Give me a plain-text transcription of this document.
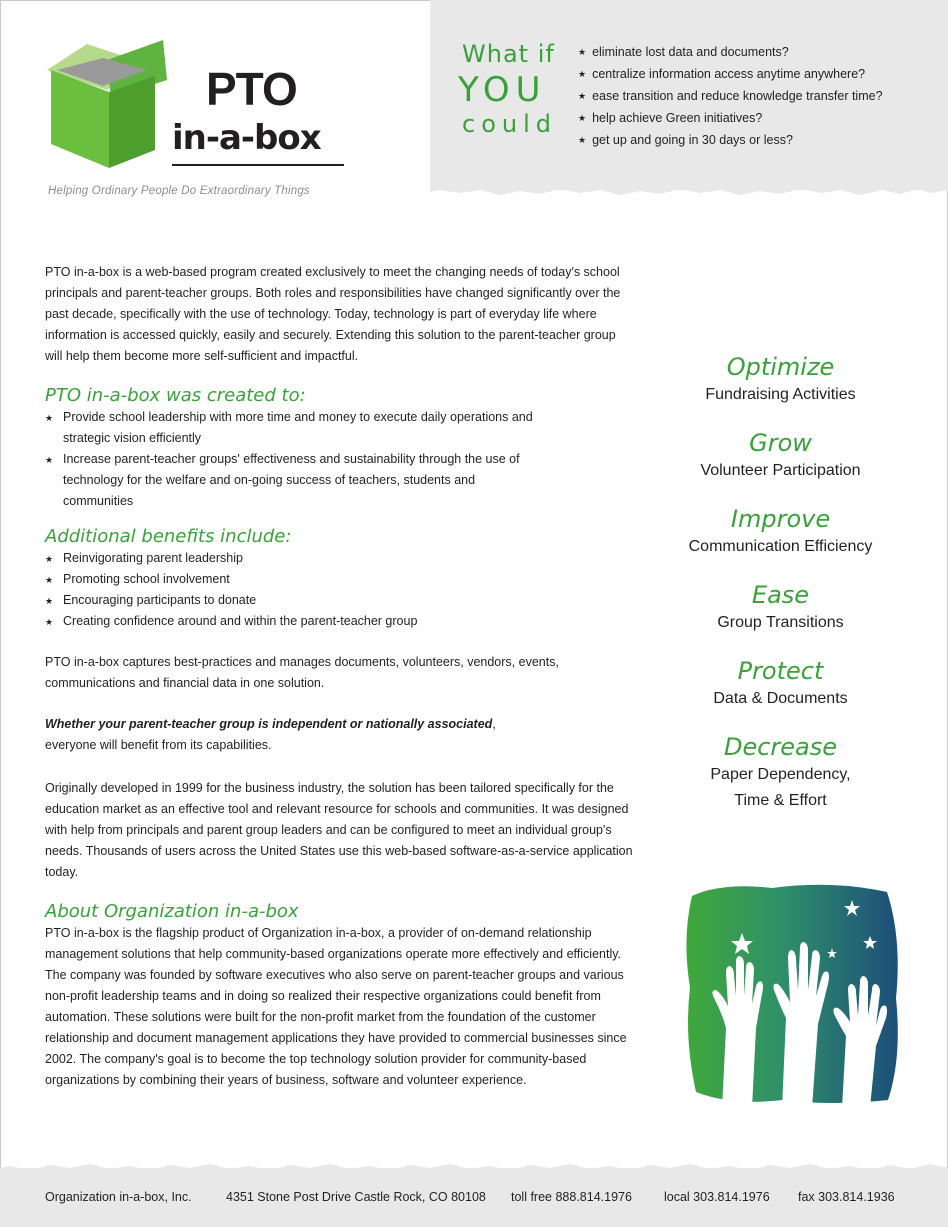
What if
YOU
could
★ eliminate lost data and documents?
★ centralize information access anytime anywhere?
★ ease transition and reduce knowledge transfer time?
★ help achieve Green initiatives?
★ get up and going in 30 days or less?
PTO
in-a-box
Helping Ordinary People Do Extraordinary Things

PTO in-a-box is a web-based program created exclusively to meet the changing needs of today's school principals and parent-teacher groups. Both roles and responsibilities have changed significantly over the past decade, specifically with the use of technology. Today, technology is part of everyday life where information is accessed quickly, easily and securely. Extending this solution to the parent-teacher group will help them become more self-sufficient and impactful.

PTO in-a-box was created to:

★ Provide school leadership with more time and money to execute daily operations and strategic vision efficiently
★ Increase parent-teacher groups' effectiveness and sustainability through the use of technology for the welfare and on-going success of teachers, students and communities

Additional benefits include:

★ Reinvigorating parent leadership
★ Promoting school involvement
★ Encouraging participants to donate
★ Creating confidence around and within the parent-teacher group

PTO in-a-box captures best-practices and manages documents, volunteers, vendors, events, communications and financial data in one solution.

Whether your parent-teacher group is independent or nationally associated, everyone will benefit from its capabilities.

Originally developed in 1999 for the business industry, the solution has been tailored specifically for the education market as an effective tool and relevant resource for schools and communities. It was designed with help from principals and parent group leaders and can be configured to meet an individual group's needs. Thousands of users across the United States use this web-based software-as-a-service application today.

About Organization in-a-box

PTO in-a-box is the flagship product of Organization in-a-box, a provider of on-demand relationship management solutions that help community-based organizations operate more effectively and efficiently. The company was founded by software executives who also serve on parent-teacher groups and various non-profit leadership teams and in doing so realized their respective organizations could benefit from automation. These solutions were built for the non-profit market from the foundation of the customer relationship and document management applications they have provided to commercial businesses since 2002. The company's goal is to become the top technology solution provider for community-based organizations by combining their years of business, software and volunteer experience.

Optimize
Fundraising Activities
Grow
Volunteer Participation
Improve
Communication Efficiency
Ease
Group Transitions
Protect
Data & Documents
Decrease
Paper Dependency,
Time & Effort
Organization in-a-box, Inc.	4351 Stone Post Drive Castle Rock, CO 80108 toll free 888.814.1976	local 303.814.1976 fax 303.814.1936
